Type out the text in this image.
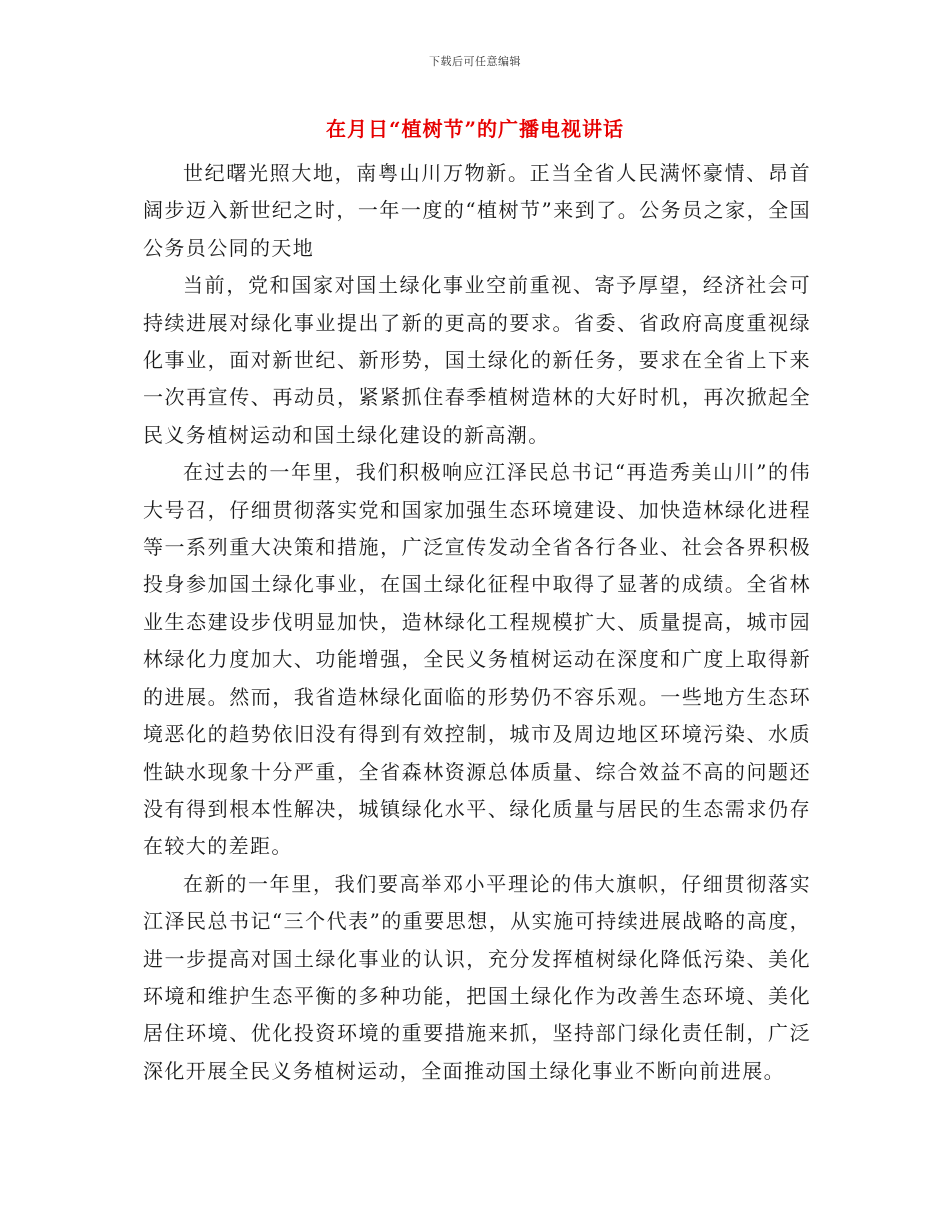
下载后可任意编辑
在月日“植树节”的广播电视讲话

世纪曙光照大地，南粤山川万物新。正当全省人民满怀豪情、昂首阔步迈入新世纪之时，一年一度的“植树节”来到了。公务员之家，全国公务员公同的天地

当前，党和国家对国土绿化事业空前重视、寄予厚望，经济社会可持续进展对绿化事业提出了新的更高的要求。省委、省政府高度重视绿化事业，面对新世纪、新形势，国土绿化的新任务，要求在全省上下来一次再宣传、再动员，紧紧抓住春季植树造林的大好时机，再次掀起全民义务植树运动和国土绿化建设的新高潮。

在过去的一年里，我们积极响应江泽民总书记“再造秀美山川”的伟大号召，仔细贯彻落实党和国家加强生态环境建设、加快造林绿化进程等一系列重大决策和措施，广泛宣传发动全省各行各业、社会各界积极投身参加国土绿化事业，在国土绿化征程中取得了显著的成绩。全省林业生态建设步伐明显加快，造林绿化工程规模扩大、质量提高，城市园林绿化力度加大、功能增强，全民义务植树运动在深度和广度上取得新的进展。然而，我省造林绿化面临的形势仍不容乐观。一些地方生态环境恶化的趋势依旧没有得到有效控制，城市及周边地区环境污染、水质性缺水现象十分严重，全省森林资源总体质量、综合效益不高的问题还没有得到根本性解决，城镇绿化水平、绿化质量与居民的生态需求仍存在较大的差距。

在新的一年里，我们要高举邓小平理论的伟大旗帜，仔细贯彻落实江泽民总书记“三个代表”的重要思想，从实施可持续进展战略的高度，进一步提高对国土绿化事业的认识，充分发挥植树绿化降低污染、美化环境和维护生态平衡的多种功能，把国土绿化作为改善生态环境、美化居住环境、优化投资环境的重要措施来抓，坚持部门绿化责任制，广泛深化开展全民义务植树运动，全面推动国土绿化事业不断向前进展。
